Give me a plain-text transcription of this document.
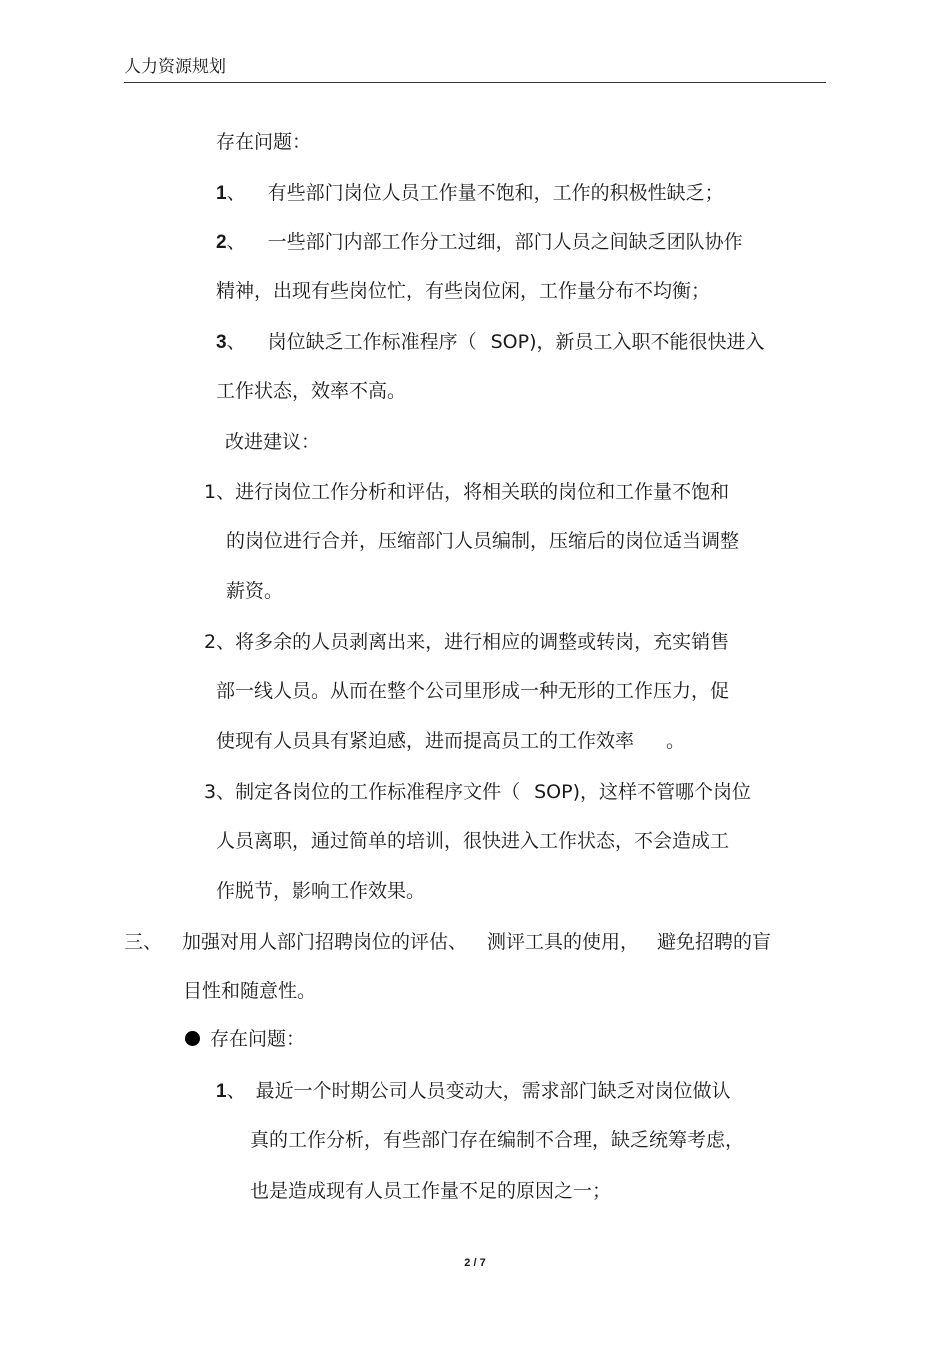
人力资源规划
存在问题：
1、 有些部门岗位人员工作量不饱和，工作的积极性缺乏；
2、 一些部门内部工作分工过细，部门人员之间缺乏团队协作
精神，出现有些岗位忙，有些岗位闲，工作量分布不均衡；
3、 岗位缺乏工作标准程序（ SOP)，新员工入职不能很快进入
工作状态，效率不高。
改进建议：
1、进行岗位工作分析和评估，将相关联的岗位和工作量不饱和
的岗位进行合并，压缩部门人员编制，压缩后的岗位适当调整
薪资。
2、将多余的人员剥离出来，进行相应的调整或转岗，充实销售
部一线人员。从而在整个公司里形成一种无形的工作压力，促
使现有人员具有紧迫感，进而提高员工的工作效率 。
3、制定各岗位的工作标准程序文件（ SOP)，这样不管哪个岗位
人员离职，通过简单的培训，很快进入工作状态，不会造成工
作脱节，影响工作效果。
三、 加强对用人部门招聘岗位的评估、 测评工具的使用， 避免招聘的盲
目性和随意性。
存在问题：
1、 最近一个时期公司人员变动大，需求部门缺乏对岗位做认
真的工作分析，有些部门存在编制不合理，缺乏统筹考虑，
也是造成现有人员工作量不足的原因之一；
2 / 7
